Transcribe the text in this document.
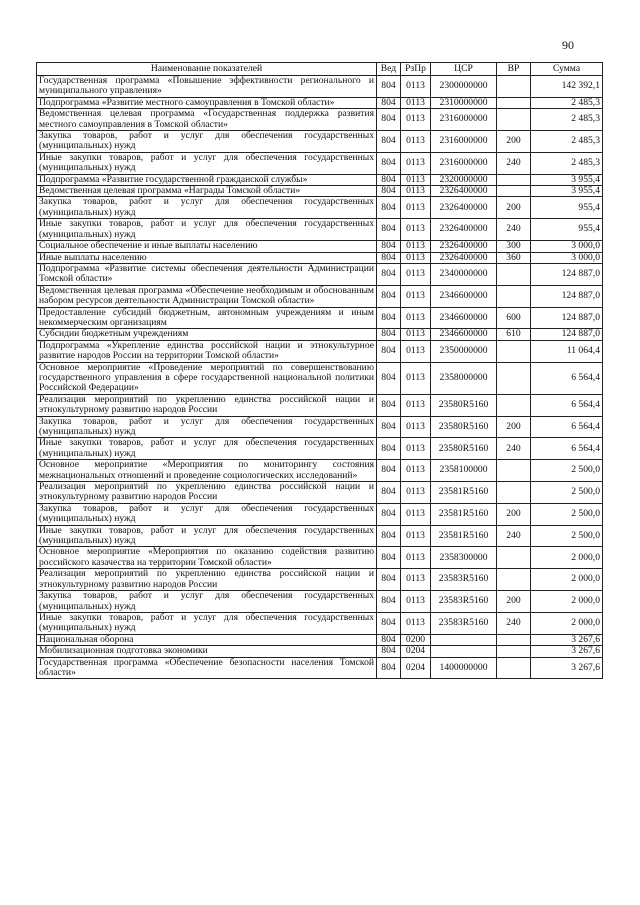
90
Наименование показателей	Вед	РзПр	ЦСР	ВР	Сумма
Государственная программа «Повышение эффективности регионального и муниципального управления»	804	0113	2300000000		142 392,1
Подпрограмма «Развитие местного самоуправления в Томской области»	804	0113	2310000000		2 485,3
Ведомственная целевая программа «Государственная поддержка развития местного самоуправления в Томской области»	804	0113	2316000000		2 485,3
Закупка товаров, работ и услуг для обеспечения государственных (муниципальных) нужд	804	0113	2316000000	200	2 485,3
Иные закупки товаров, работ и услуг для обеспечения государственных (муниципальных) нужд	804	0113	2316000000	240	2 485,3
Подпрограмма «Развитие государственной гражданской службы»	804	0113	2320000000		3 955,4
Ведомственная целевая программа «Награды Томской области»	804	0113	2326400000		3 955,4
Закупка товаров, работ и услуг для обеспечения государственных (муниципальных) нужд	804	0113	2326400000	200	955,4
Иные закупки товаров, работ и услуг для обеспечения государственных (муниципальных) нужд	804	0113	2326400000	240	955,4
Социальное обеспечение и иные выплаты населению	804	0113	2326400000	300	3 000,0
Иные выплаты населению	804	0113	2326400000	360	3 000,0
Подпрограмма «Развитие системы обеспечения деятельности Администрации Томской области»	804	0113	2340000000		124 887,0
Ведомственная целевая программа «Обеспечение необходимым и обоснованным набором ресурсов деятельности Администрации Томской области»	804	0113	2346600000		124 887,0
Предоставление субсидий бюджетным, автономным учреждениям и иным некоммерческим организациям	804	0113	2346600000	600	124 887,0
Субсидии бюджетным учреждениям	804	0113	2346600000	610	124 887,0
Подпрограмма «Укрепление единства российской нации и этнокультурное развитие народов России на территории Томской области»	804	0113	2350000000		11 064,4
Основное мероприятие «Проведение мероприятий по совершенствованию государственного управления в сфере государственной национальной политики Российской Федерации»	804	0113	2358000000		6 564,4
Реализация мероприятий по укреплению единства российской нации и этнокультурному развитию народов России	804	0113	23580R5160		6 564,4
Закупка товаров, работ и услуг для обеспечения государственных (муниципальных) нужд	804	0113	23580R5160	200	6 564,4
Иные закупки товаров, работ и услуг для обеспечения государственных (муниципальных) нужд	804	0113	23580R5160	240	6 564,4
Основное мероприятие «Мероприятия по мониторингу состояния межнациональных отношений и проведение социологических исследований»	804	0113	2358100000		2 500,0
Реализация мероприятий по укреплению единства российской нации и этнокультурному развитию народов России	804	0113	23581R5160		2 500,0
Закупка товаров, работ и услуг для обеспечения государственных (муниципальных) нужд	804	0113	23581R5160	200	2 500,0
Иные закупки товаров, работ и услуг для обеспечения государственных (муниципальных) нужд	804	0113	23581R5160	240	2 500,0
Основное мероприятие «Мероприятия по оказанию содействия развитию российского казачества на территории Томской области»	804	0113	2358300000		2 000,0
Реализация мероприятий по укреплению единства российской нации и этнокультурному развитию народов России	804	0113	23583R5160		2 000,0
Закупка товаров, работ и услуг для обеспечения государственных (муниципальных) нужд	804	0113	23583R5160	200	2 000,0
Иные закупки товаров, работ и услуг для обеспечения государственных (муниципальных) нужд	804	0113	23583R5160	240	2 000,0
Национальная оборона	804	0200			3 267,6
Мобилизационная подготовка экономики	804	0204			3 267,6
Государственная программа «Обеспечение безопасности населения Томской области»	804	0204	1400000000		3 267,6
